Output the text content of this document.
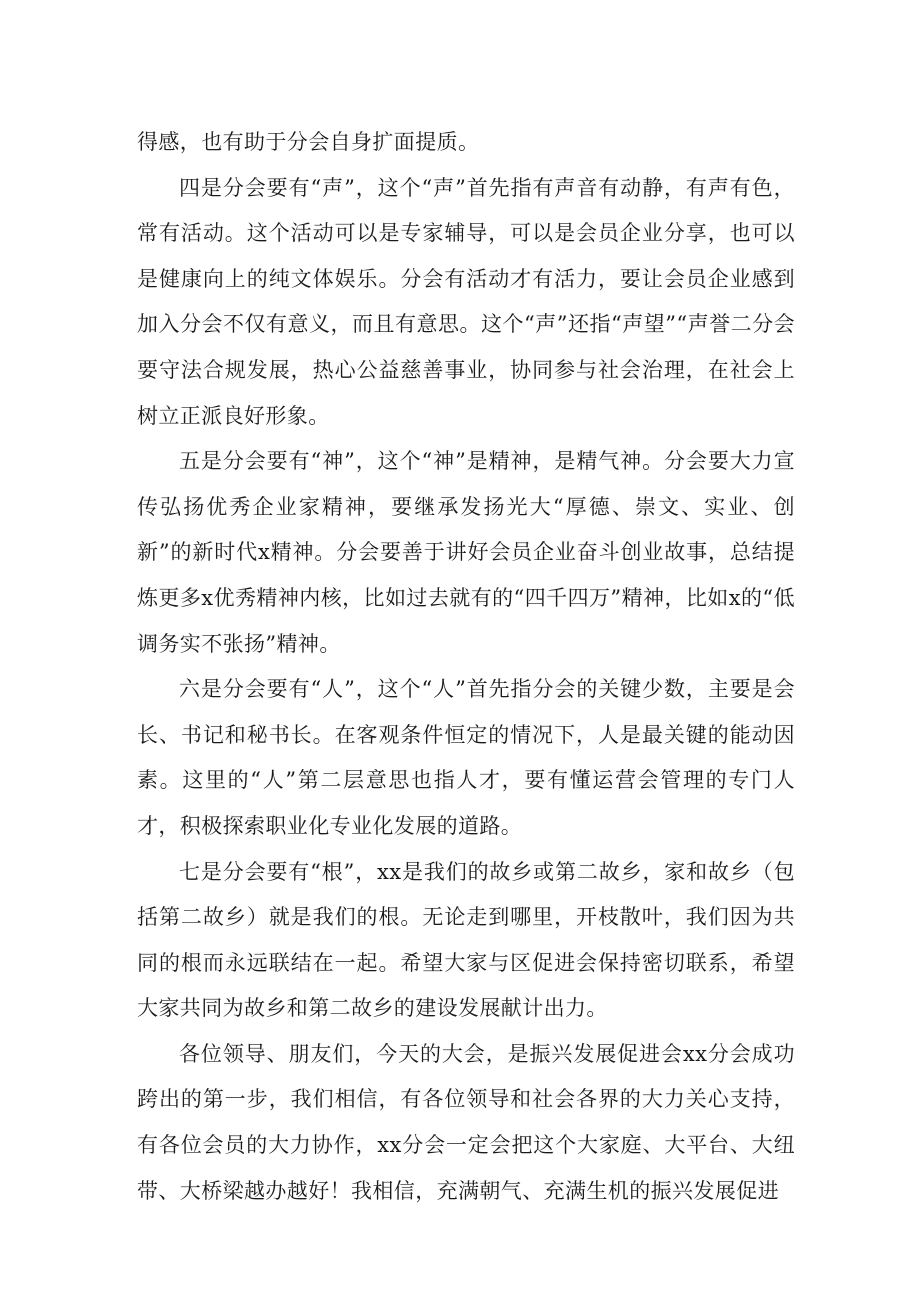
得感，也有助于分会自身扩面提质。

四是分会要有“声”，这个“声”首先指有声音有动静，有声有色，常有活动。这个活动可以是专家辅导，可以是会员企业分享，也可以是健康向上的纯文体娱乐。分会有活动才有活力，要让会员企业感到加入分会不仅有意义，而且有意思。这个“声”还指“声望”“声誉二分会要守法合规发展，热心公益慈善事业，协同参与社会治理，在社会上树立正派良好形象。

五是分会要有“神”，这个“神”是精神，是精气神。分会要大力宣传弘扬优秀企业家精神，要继承发扬光大“厚德、崇文、实业、创新”的新时代x精神。分会要善于讲好会员企业奋斗创业故事，总结提炼更多x优秀精神内核，比如过去就有的“四千四万”精神，比如x的“低调务实不张扬”精神。

六是分会要有“人”，这个“人”首先指分会的关键少数，主要是会长、书记和秘书长。在客观条件恒定的情况下，人是最关键的能动因素。这里的“人”第二层意思也指人才，要有懂运营会管理的专门人才，积极探索职业化专业化发展的道路。

七是分会要有“根”，xx是我们的故乡或第二故乡，家和故乡（包括第二故乡）就是我们的根。无论走到哪里，开枝散叶，我们因为共同的根而永远联结在一起。希望大家与区促进会保持密切联系，希望大家共同为故乡和第二故乡的建设发展献计出力。

各位领导、朋友们，今天的大会，是振兴发展促进会xx分会成功跨出的第一步，我们相信，有各位领导和社会各界的大力关心支持，有各位会员的大力协作，xx分会一定会把这个大家庭、大平台、大纽带、大桥梁越办越好！我相信，充满朝气、充满生机的振兴发展促进
